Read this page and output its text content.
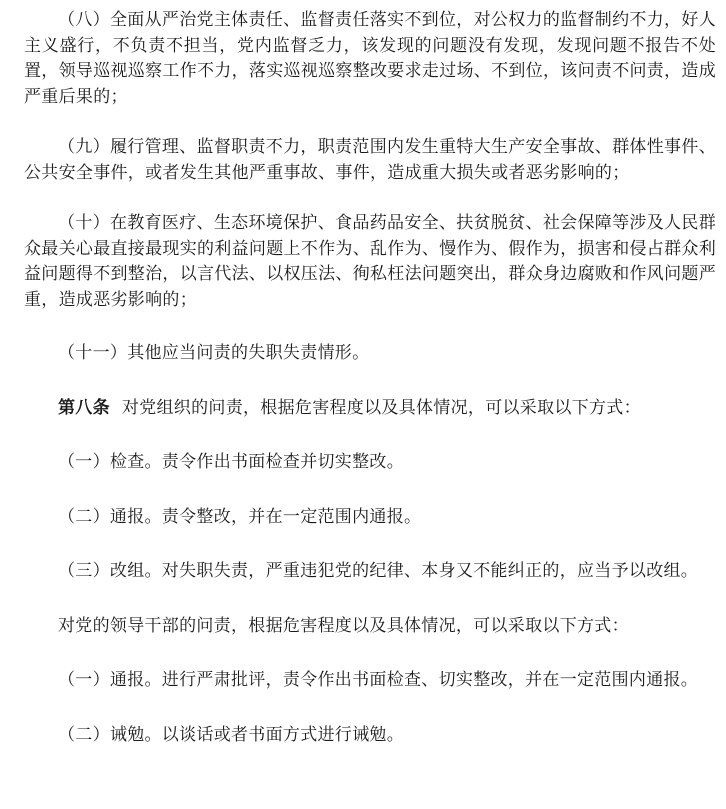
（八）全面从严治党主体责任、监督责任落实不到位，对公权力的监督制约不力，好人主义盛行，不负责不担当，党内监督乏力，该发现的问题没有发现，发现问题不报告不处置，领导巡视巡察工作不力，落实巡视巡察整改要求走过场、不到位，该问责不问责，造成严重后果的；

（九）履行管理、监督职责不力，职责范围内发生重特大生产安全事故、群体性事件、公共安全事件，或者发生其他严重事故、事件，造成重大损失或者恶劣影响的；

（十）在教育医疗、生态环境保护、食品药品安全、扶贫脱贫、社会保障等涉及人民群众最关心最直接最现实的利益问题上不作为、乱作为、慢作为、假作为，损害和侵占群众利益问题得不到整治，以言代法、以权压法、徇私枉法问题突出，群众身边腐败和作风问题严重，造成恶劣影响的；

（十一）其他应当问责的失职失责情形。

第八条 对党组织的问责，根据危害程度以及具体情况，可以采取以下方式：

（一）检查。责令作出书面检查并切实整改。

（二）通报。责令整改，并在一定范围内通报。

（三）改组。对失职失责，严重违犯党的纪律、本身又不能纠正的，应当予以改组。

对党的领导干部的问责，根据危害程度以及具体情况，可以采取以下方式：

（一）通报。进行严肃批评，责令作出书面检查、切实整改，并在一定范围内通报。

（二）诫勉。以谈话或者书面方式进行诫勉。
